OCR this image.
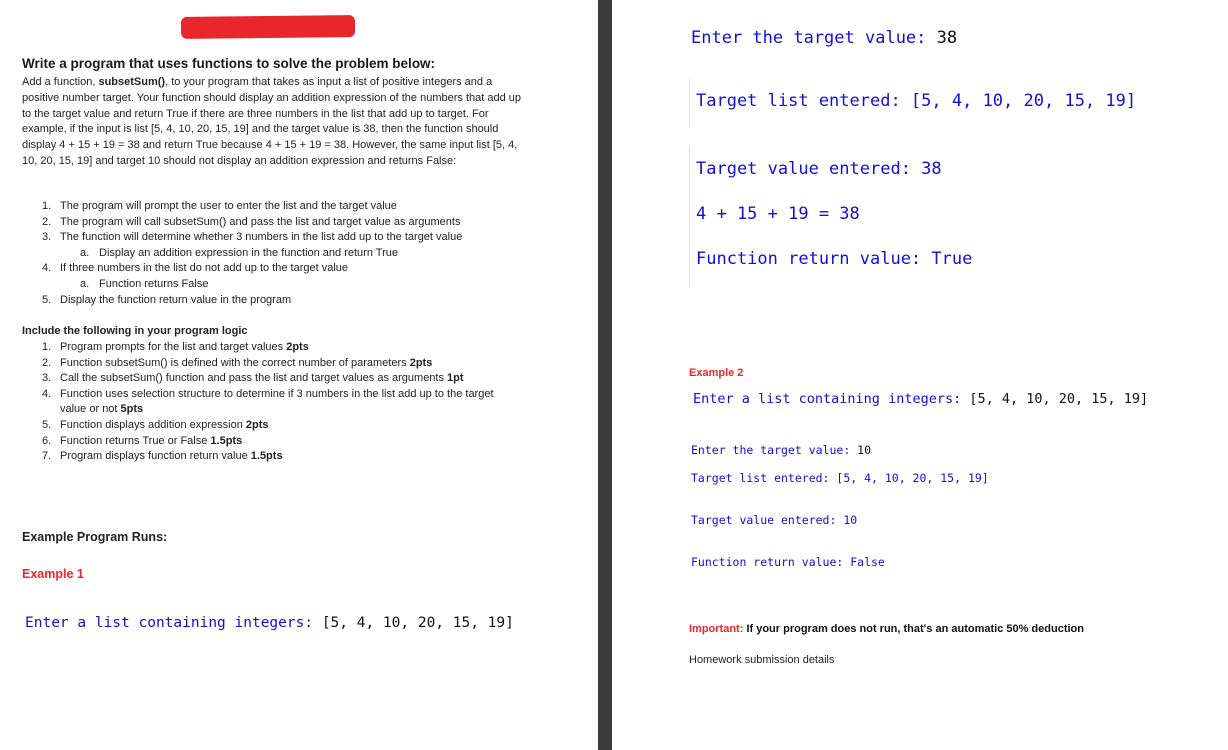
Write a program that uses functions to solve the problem below:
Add a function, subsetSum(), to your program that takes as input a list of positive integers and a positive number target. Your function should display an addition expression of the numbers that add up to the target value and return True if there are three numbers in the list that add up to target. For example, if the input is list [5, 4, 10, 20, 15, 19] and the target value is 38, then the function should display 4 + 15 + 19 = 38 and return True because 4 + 15 + 19 = 38. However, the same input list [5, 4, 10, 20, 15, 19] and target 10 should not display an addition expression and returns False:
1. The program will prompt the user to enter the list and the target value
2. The program will call subsetSum() and pass the list and target value as arguments
3. The function will determine whether 3 numbers in the list add up to the target value
a. Display an addition expression in the function and return True
4. If three numbers in the list do not add up to the target value
a. Function returns False
5. Display the function return value in the program
Include the following in your program logic
1. Program prompts for the list and target values 2pts
2. Function subsetSum() is defined with the correct number of parameters 2pts
3. Call the subsetSum() function and pass the list and target values as arguments 1pt
4. Function uses selection structure to determine if 3 numbers in the list add up to the target value or not 5pts
5. Function displays addition expression 2pts
6. Function returns True or False 1.5pts
7. Program displays function return value 1.5pts
Example Program Runs:
Example 1
Enter a list containing integers: [5, 4, 10, 20, 15, 19]
Enter the target value: 38
Target list entered: [5, 4, 10, 20, 15, 19]
Target value entered: 38
4 + 15 + 19 = 38
Function return value: True
Example 2
Enter a list containing integers: [5, 4, 10, 20, 15, 19]
Enter the target value: 10
Target list entered: [5, 4, 10, 20, 15, 19]
Target value entered: 10
Function return value: False
Important: If your program does not run, that's an automatic 50% deduction
Homework submission details
